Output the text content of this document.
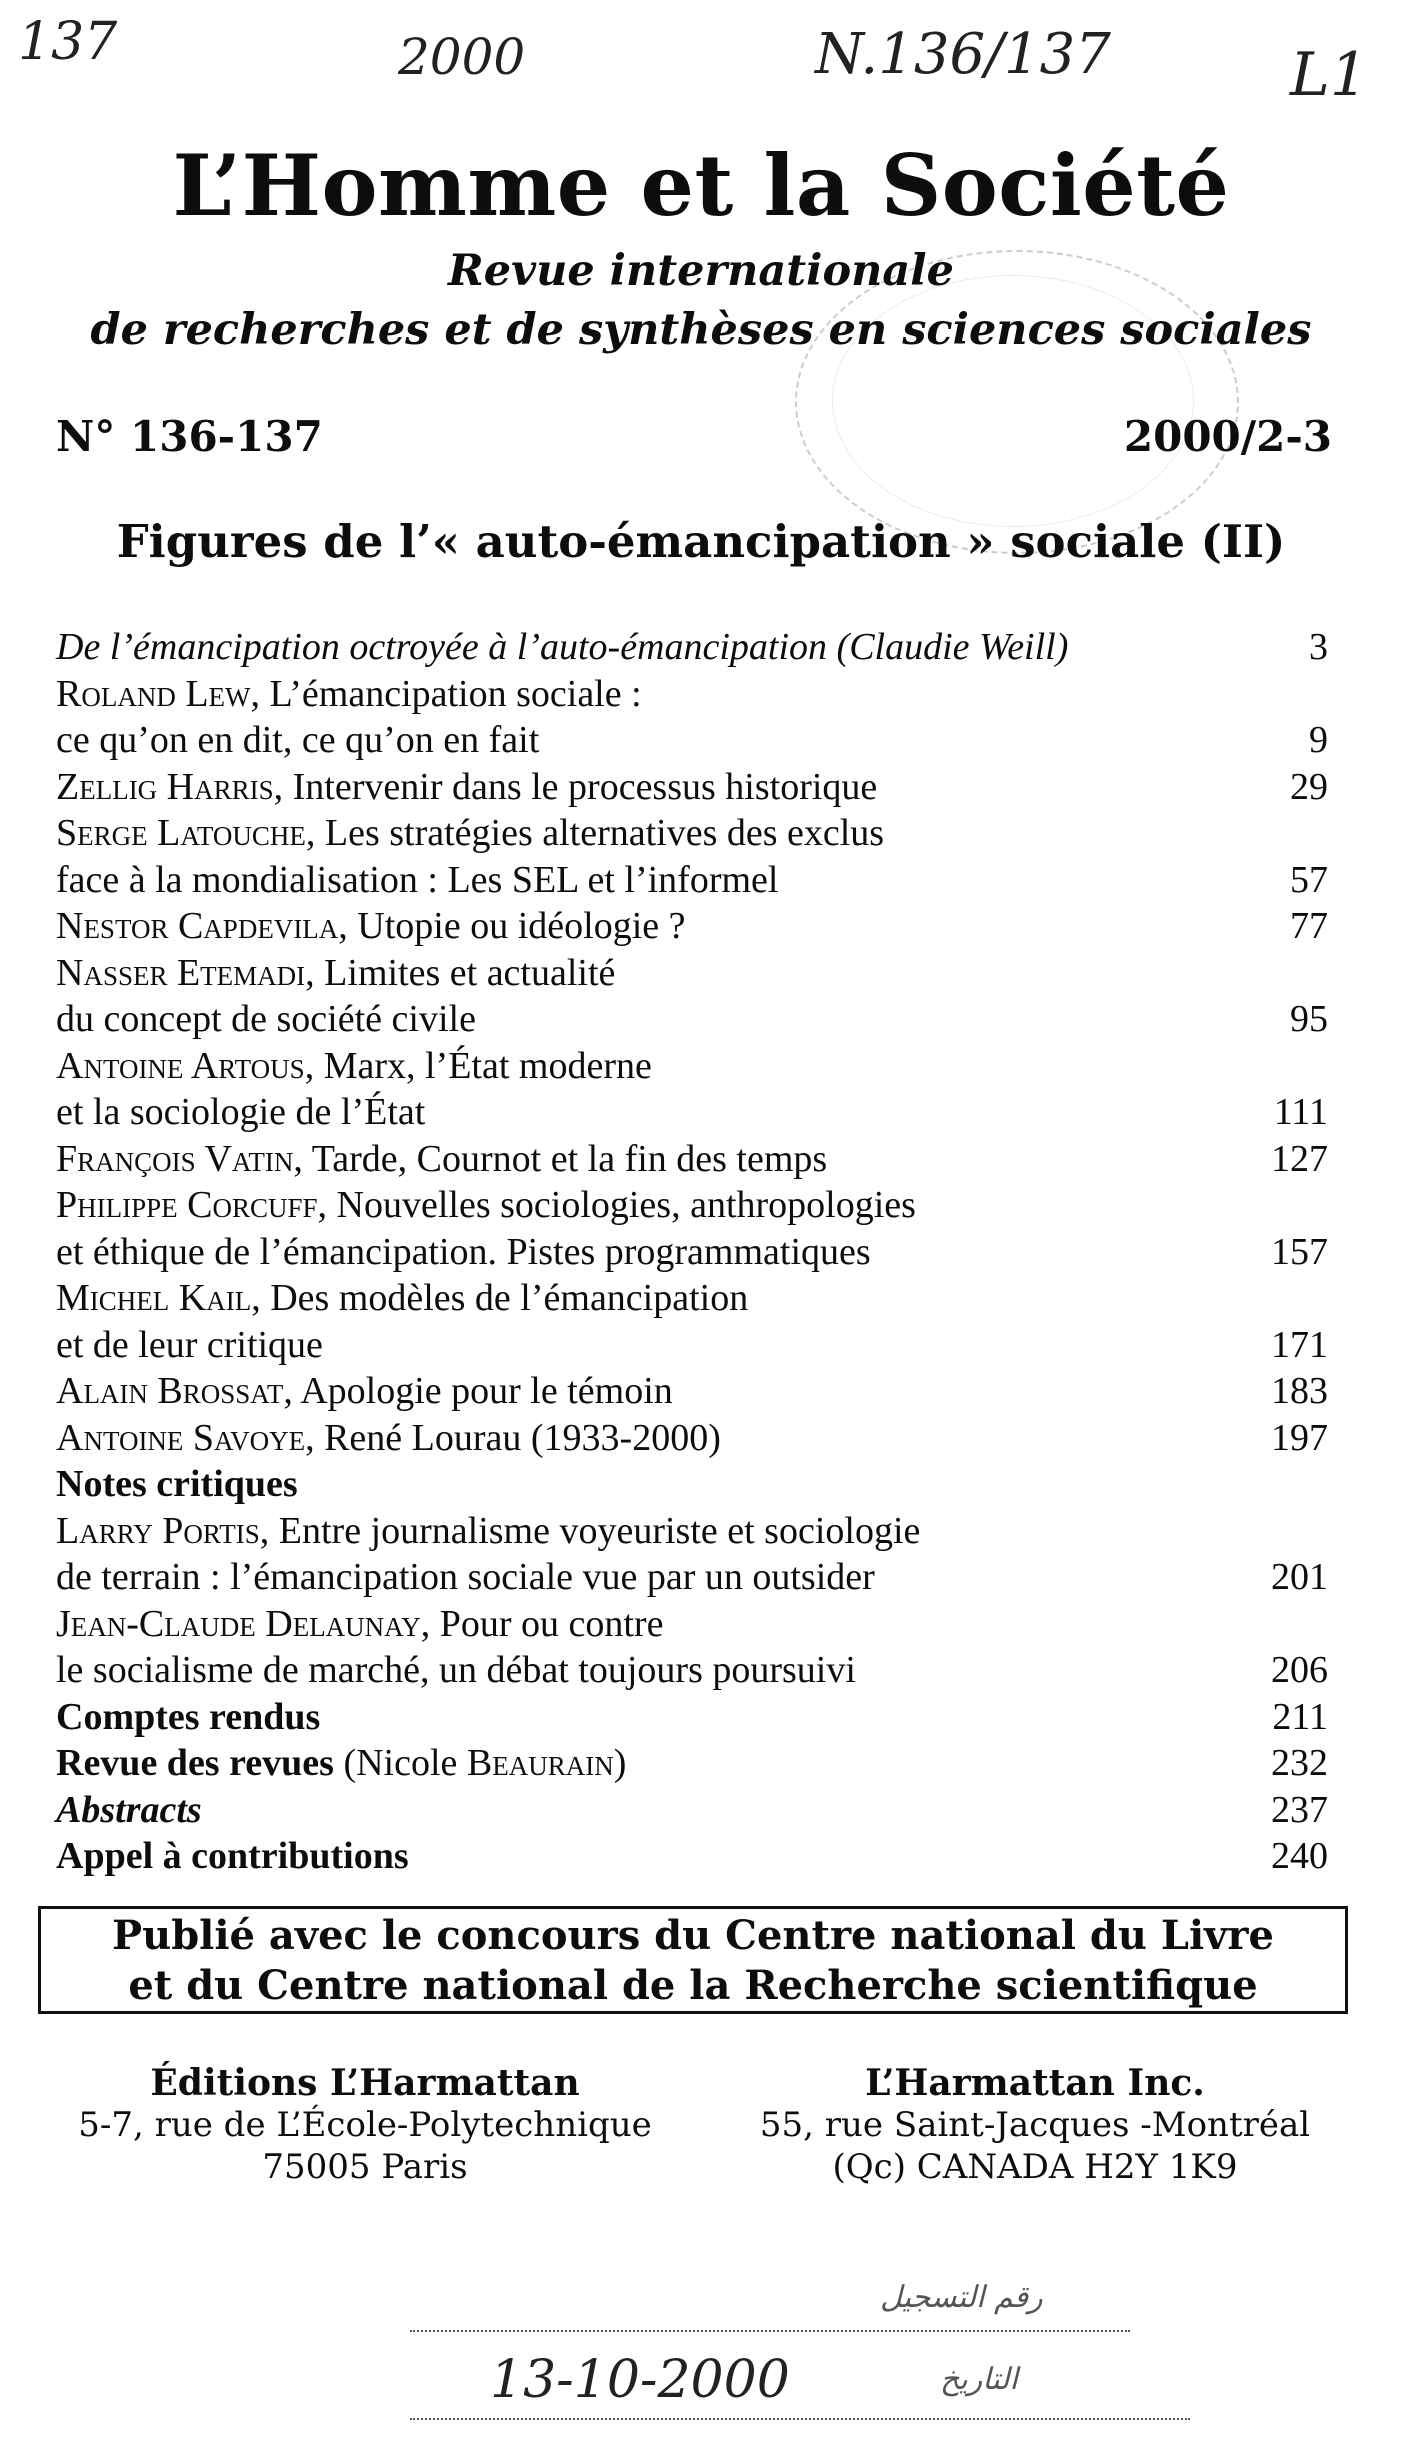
137	2000	N.136/137	L1
L’Homme et la Société
Revue internationale
de recherches et de synthèses en sciences sociales
N° 136-137	2000/2-3
Figures de l’« auto-émancipation » sociale (II)
De l’émancipation octroyée à l’auto-émancipation (Claudie Weill)	3
Roland Lew, L’émancipation sociale :
ce qu’on en dit, ce qu’on en fait	9
Zellig Harris, Intervenir dans le processus historique	29
Serge Latouche, Les stratégies alternatives des exclus
face à la mondialisation : Les SEL et l’informel	57
Nestor Capdevila, Utopie ou idéologie ?	77
Nasser Etemadi, Limites et actualité
du concept de société civile	95
Antoine Artous, Marx, l’État moderne
et la sociologie de l’État	111
François Vatin, Tarde, Cournot et la fin des temps	127
Philippe Corcuff, Nouvelles sociologies, anthropologies
et éthique de l’émancipation. Pistes programmatiques	157
Michel Kail, Des modèles de l’émancipation
et de leur critique	171
Alain Brossat, Apologie pour le témoin	183
Antoine Savoye, René Lourau (1933-2000)	197
Notes critiques
Larry Portis, Entre journalisme voyeuriste et sociologie
de terrain : l’émancipation sociale vue par un outsider	201
Jean-Claude Delaunay, Pour ou contre
le socialisme de marché, un débat toujours poursuivi	206
Comptes rendus	211
Revue des revues (Nicole Beaurain)	232
Abstracts	237
Appel à contributions	240
Publié avec le concours du Centre national du Livre
et du Centre national de la Recherche scientifique
Éditions L’Harmattan
5-7, rue de L’École-Polytechnique
75005 Paris
L’Harmattan Inc.
55, rue Saint-Jacques -Montréal
(Qc) CANADA H2Y 1K9
رقم التسجيل
13-10-2000	التاريخ
